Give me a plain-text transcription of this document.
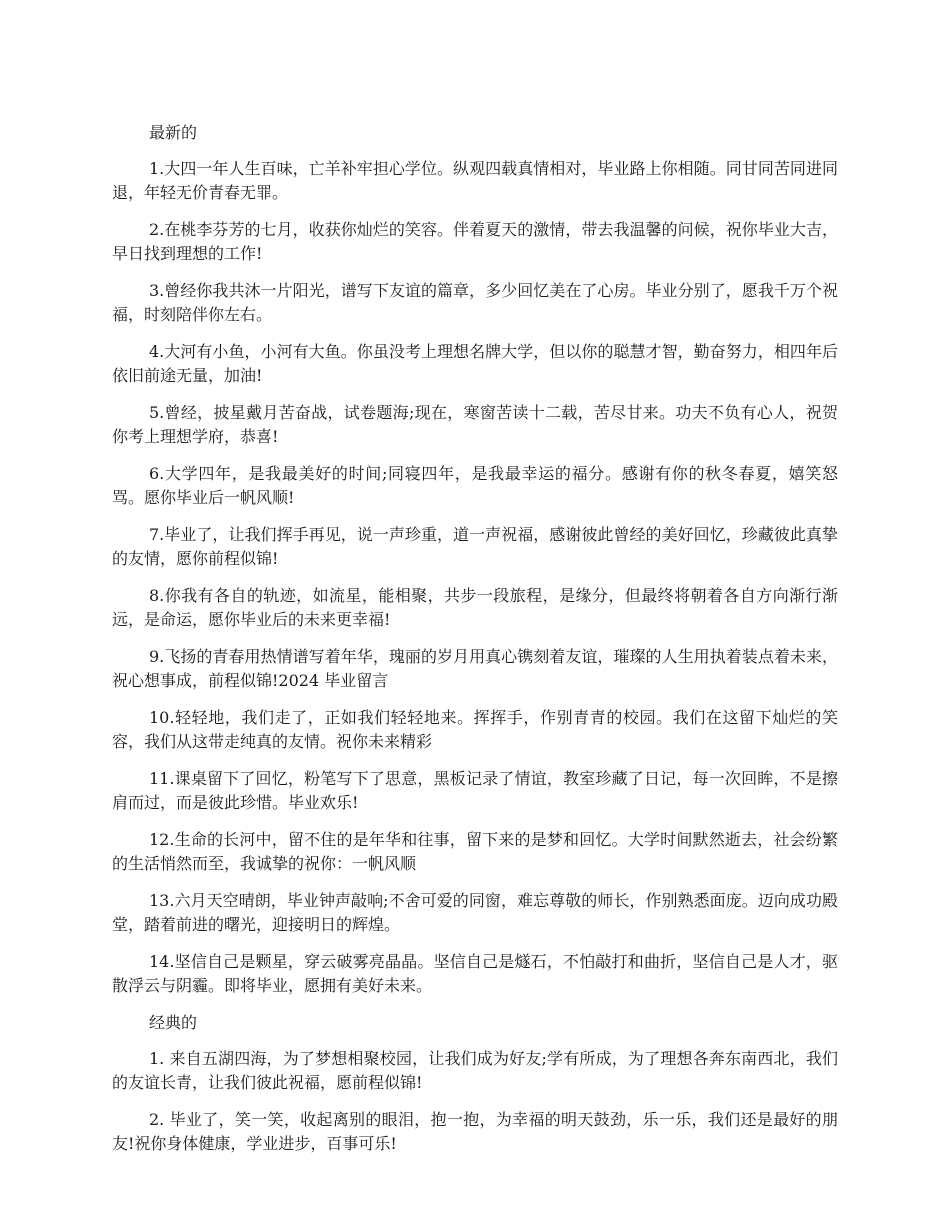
最新的

1.大四一年人生百味，亡羊补牢担心学位。纵观四载真情相对，毕业路上你相随。同甘同苦同进同退，年轻无价青春无罪。

2.在桃李芬芳的七月，收获你灿烂的笑容。伴着夏天的激情，带去我温馨的问候，祝你毕业大吉，早日找到理想的工作!

3.曾经你我共沐一片阳光，谱写下友谊的篇章，多少回忆美在了心房。毕业分别了，愿我千万个祝福，时刻陪伴你左右。

4.大河有小鱼，小河有大鱼。你虽没考上理想名牌大学，但以你的聪慧才智，勤奋努力，相四年后依旧前途无量，加油!

5.曾经，披星戴月苦奋战，试卷题海;现在，寒窗苦读十二载，苦尽甘来。功夫不负有心人，祝贺你考上理想学府，恭喜!

6.大学四年，是我最美好的时间;同寝四年，是我最幸运的福分。感谢有你的秋冬春夏，嬉笑怒骂。愿你毕业后一帆风顺!

7.毕业了，让我们挥手再见，说一声珍重，道一声祝福，感谢彼此曾经的美好回忆，珍藏彼此真挚的友情，愿你前程似锦!

8.你我有各自的轨迹，如流星，能相聚，共步一段旅程，是缘分，但最终将朝着各自方向渐行渐远，是命运，愿你毕业后的未来更幸福!

9.飞扬的青春用热情谱写着年华，瑰丽的岁月用真心镌刻着友谊，璀璨的人生用执着装点着未来，祝心想事成，前程似锦!2024 毕业留言

10.轻轻地，我们走了，正如我们轻轻地来。挥挥手，作别青青的校园。我们在这留下灿烂的笑容，我们从这带走纯真的友情。祝你未来精彩

11.课桌留下了回忆，粉笔写下了思意，黑板记录了情谊，教室珍藏了日记，每一次回眸，不是擦肩而过，而是彼此珍惜。毕业欢乐!

12.生命的长河中，留不住的是年华和往事，留下来的是梦和回忆。大学时间默然逝去，社会纷繁的生活悄然而至，我诚挚的祝你：一帆风顺

13.六月天空晴朗，毕业钟声敲响;不舍可爱的同窗，难忘尊敬的师长，作别熟悉面庞。迈向成功殿堂，踏着前进的曙光，迎接明日的辉煌。

14.坚信自己是颗星，穿云破雾亮晶晶。坚信自己是燧石，不怕敲打和曲折，坚信自己是人才，驱散浮云与阴霾。即将毕业，愿拥有美好未来。

经典的

1. 来自五湖四海，为了梦想相聚校园，让我们成为好友;学有所成，为了理想各奔东南西北，我们的友谊长青，让我们彼此祝福，愿前程似锦!

2. 毕业了，笑一笑，收起离别的眼泪，抱一抱，为幸福的明天鼓劲，乐一乐，我们还是最好的朋友!祝你身体健康，学业进步，百事可乐!
